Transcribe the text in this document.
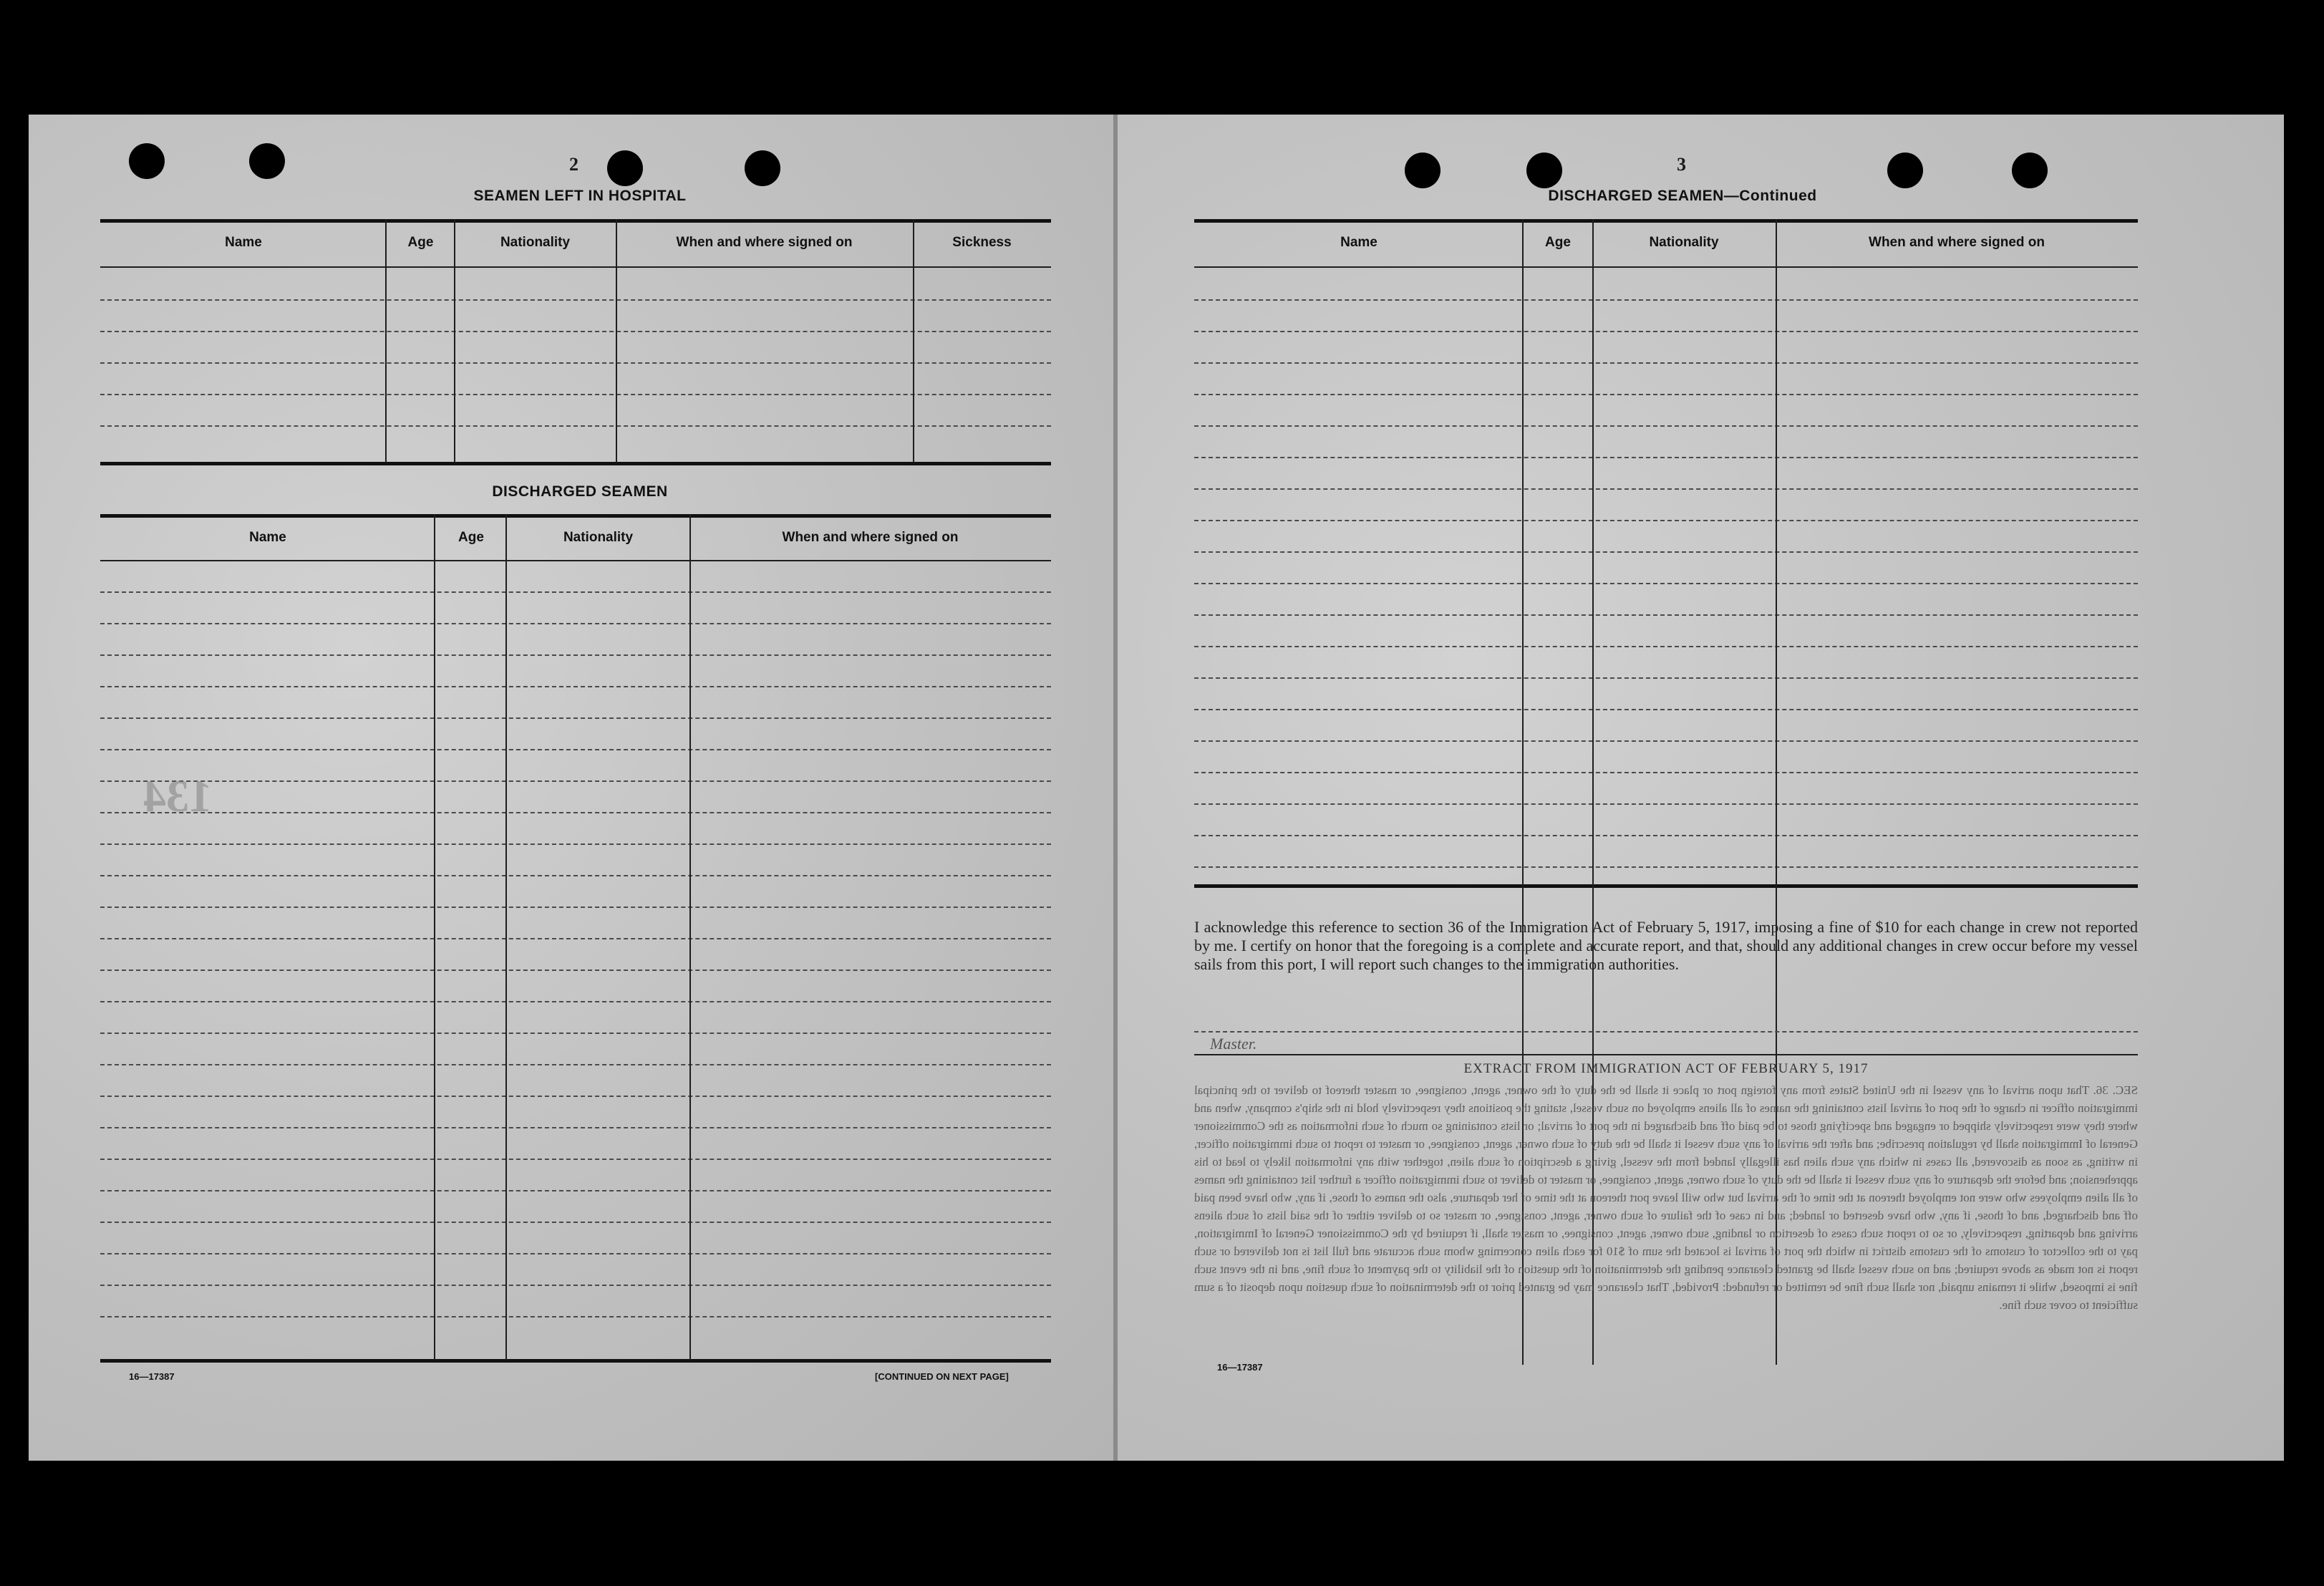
2
SEAMEN LEFT IN HOSPITAL
Name	Age	Nationality	When and where signed on	Sickness
DISCHARGED SEAMEN
Name	Age	Nationality	When and where signed on
134
16—17387	[CONTINUED ON NEXT PAGE]
3
DISCHARGED SEAMEN—Continued
Name	Age	Nationality	When and where signed on
I acknowledge this reference to section 36 of the Immigration Act of February 5, 1917, imposing a fine of $10 for each change in crew not reported by me. I certify on honor that the foregoing is a complete and accurate report, and that, should any additional changes in crew occur before my vessel sails from this port, I will report such changes to the immigration authorities.
Master.
EXTRACT FROM IMMIGRATION ACT OF FEBRUARY 5, 1917
SEC. 36. That upon arrival of any vessel in the United States from any foreign port or place it shall be the duty of the owner, agent, consignee, or master thereof to deliver to the principal immigration officer in charge of the port of arrival lists containing the names of all aliens employed on such vessel, stating the positions they respectively hold in the ship's company, when and where they were respectively shipped or engaged and specifying those to be paid off and discharged in the port of arrival; or lists containing so much of such information as the Commissioner General of Immigration shall by regulation prescribe; and after the arrival of any such vessel it shall be the duty of such owner, agent, consignee, or master to report to such immigration officer, in writing, as soon as discovered, all cases in which any such alien has illegally landed from the vessel, giving a description of such alien, together with any information likely to lead to his apprehension; and before the departure of any such vessel it shall be the duty of such owner, agent, consignee, or master to deliver to such immigration officer a further list containing the names of all alien employees who were not employed thereon at the time of the arrival but who will leave port thereon at the time of her departure, also the names of those, if any, who have been paid off and discharged, and of those, if any, who have deserted or landed; and in case of the failure of such owner, agent, consignee, or master so to deliver either of the said lists of such aliens arriving and departing, respectively, or so to report such cases of desertion or landing, such owner, agent, consignee, or master shall, if required by the Commissioner General of Immigration, pay to the collector of customs of the customs district in which the port of arrival is located the sum of $10 for each alien concerning whom such accurate and full list is not delivered or such report is not made as above required; and no such vessel shall be granted clearance pending the determination of the question of the liability to the payment of such fine, and in the event such fine is imposed, while it remains unpaid, nor shall such fine be remitted or refunded: Provided, That clearance may be granted prior to the determination of such question upon deposit of a sum sufficient to cover such fine.
16—17387
